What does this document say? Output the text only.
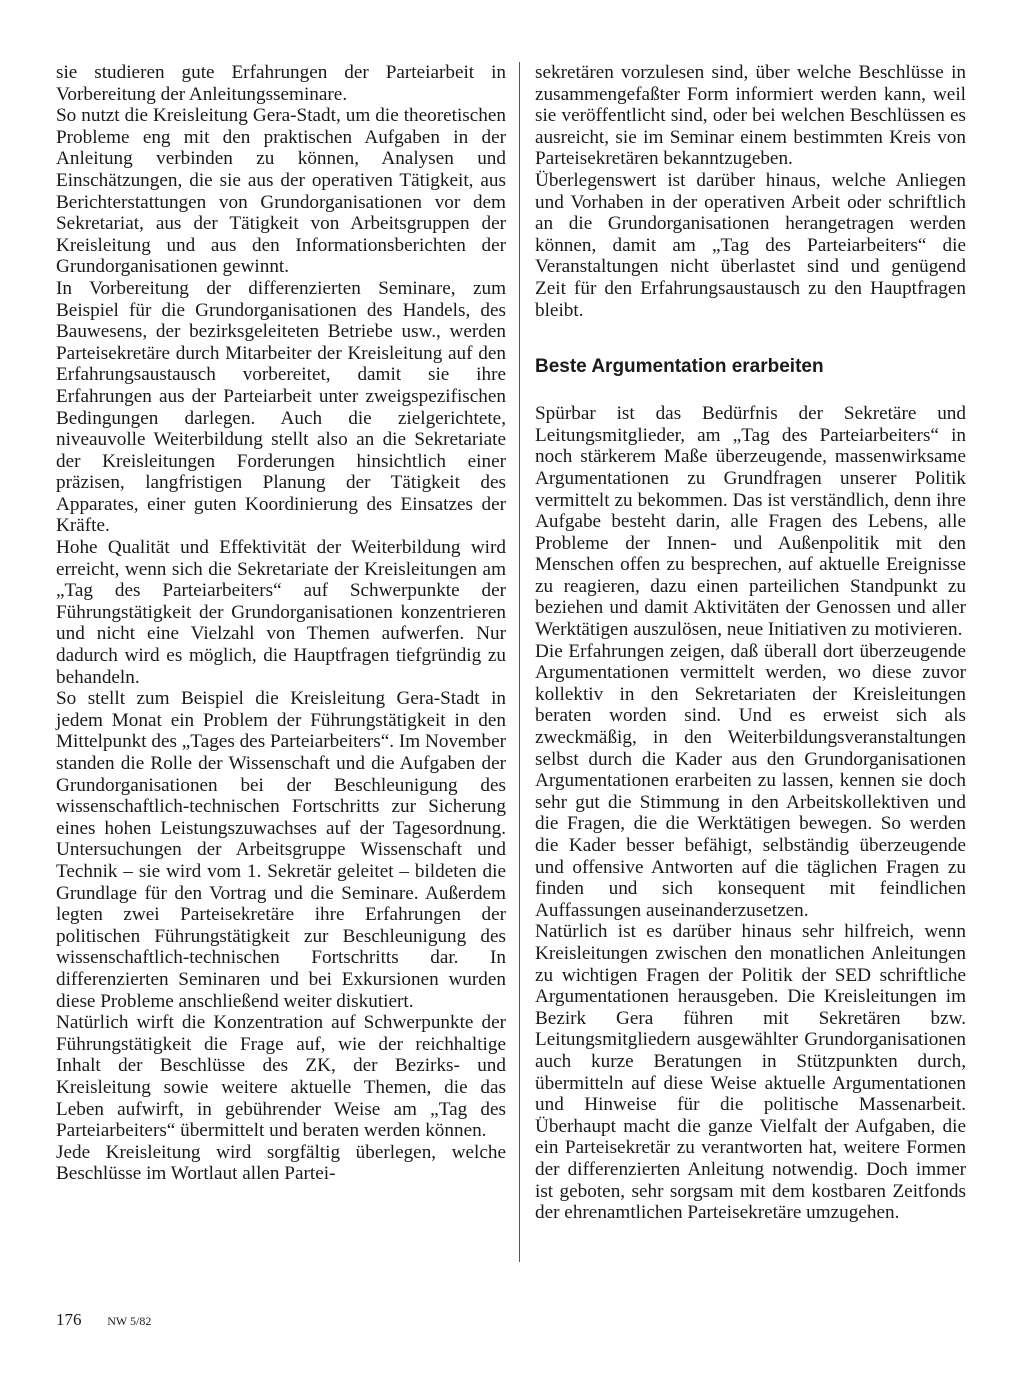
sie studieren gute Erfahrungen der Parteiarbeit in Vorbereitung der Anleitungsseminare.

So nutzt die Kreisleitung Gera-Stadt, um die theoretischen Probleme eng mit den praktischen Aufgaben in der Anleitung verbinden zu können, Analysen und Einschätzungen, die sie aus der operativen Tätigkeit, aus Berichterstattungen von Grundorganisationen vor dem Sekretariat, aus der Tätigkeit von Arbeitsgruppen der Kreisleitung und aus den Informationsberichten der Grundorganisationen gewinnt.

In Vorbereitung der differenzierten Seminare, zum Beispiel für die Grundorganisationen des Handels, des Bauwesens, der bezirksgeleiteten Betriebe usw., werden Parteisekretäre durch Mitarbeiter der Kreisleitung auf den Erfahrungsaustausch vorbereitet, damit sie ihre Erfahrungen aus der Parteiarbeit unter zweigspezifischen Bedingungen darlegen. Auch die zielgerichtete, niveauvolle Weiterbildung stellt also an die Sekretariate der Kreisleitungen Forderungen hinsichtlich einer präzisen, langfristigen Planung der Tätigkeit des Apparates, einer guten Koordinierung des Einsatzes der Kräfte.

Hohe Qualität und Effektivität der Weiterbildung wird erreicht, wenn sich die Sekretariate der Kreisleitungen am „Tag des Parteiarbeiters“ auf Schwerpunkte der Führungstätigkeit der Grundorganisationen konzentrieren und nicht eine Vielzahl von Themen aufwerfen. Nur dadurch wird es möglich, die Hauptfragen tiefgründig zu behandeln.

So stellt zum Beispiel die Kreisleitung Gera-Stadt in jedem Monat ein Problem der Führungstätigkeit in den Mittelpunkt des „Tages des Parteiarbeiters“. Im November standen die Rolle der Wissenschaft und die Aufgaben der Grundorganisationen bei der Beschleunigung des wissenschaftlich-technischen Fortschritts zur Sicherung eines hohen Leistungszuwachses auf der Tagesordnung. Untersuchungen der Arbeitsgruppe Wissenschaft und Technik – sie wird vom 1. Sekretär geleitet – bildeten die Grundlage für den Vortrag und die Seminare. Außerdem legten zwei Parteisekretäre ihre Erfahrungen der politischen Führungstätigkeit zur Beschleunigung des wissenschaftlich-technischen Fortschritts dar. In differenzierten Seminaren und bei Exkursionen wurden diese Probleme anschließend weiter diskutiert.

Natürlich wirft die Konzentration auf Schwerpunkte der Führungstätigkeit die Frage auf, wie der reichhaltige Inhalt der Beschlüsse des ZK, der Bezirks- und Kreisleitung sowie weitere aktuelle Themen, die das Leben aufwirft, in gebührender Weise am „Tag des Parteiarbeiters“ übermittelt und beraten werden können.

Jede Kreisleitung wird sorgfältig überlegen, welche Beschlüsse im Wortlaut allen Partei-

sekretären vorzulesen sind, über welche Beschlüsse in zusammengefaßter Form informiert werden kann, weil sie veröffentlicht sind, oder bei welchen Beschlüssen es ausreicht, sie im Seminar einem bestimmten Kreis von Parteisekretären bekanntzugeben.

Überlegenswert ist darüber hinaus, welche Anliegen und Vorhaben in der operativen Arbeit oder schriftlich an die Grundorganisationen herangetragen werden können, damit am „Tag des Parteiarbeiters“ die Veranstaltungen nicht überlastet sind und genügend Zeit für den Erfahrungsaustausch zu den Hauptfragen bleibt.

Beste Argumentation erarbeiten

Spürbar ist das Bedürfnis der Sekretäre und Leitungsmitglieder, am „Tag des Parteiarbeiters“ in noch stärkerem Maße überzeugende, massenwirksame Argumentationen zu Grundfragen unserer Politik vermittelt zu bekommen. Das ist verständlich, denn ihre Aufgabe besteht darin, alle Fragen des Lebens, alle Probleme der Innen- und Außenpolitik mit den Menschen offen zu besprechen, auf aktuelle Ereignisse zu reagieren, dazu einen parteilichen Standpunkt zu beziehen und damit Aktivitäten der Genossen und aller Werktätigen auszulösen, neue Initiativen zu motivieren.

Die Erfahrungen zeigen, daß überall dort überzeugende Argumentationen vermittelt werden, wo diese zuvor kollektiv in den Sekretariaten der Kreisleitungen beraten worden sind. Und es erweist sich als zweckmäßig, in den Weiterbildungsveranstaltungen selbst durch die Kader aus den Grundorganisationen Argumentationen erarbeiten zu lassen, kennen sie doch sehr gut die Stimmung in den Arbeitskollektiven und die Fragen, die die Werktätigen bewegen. So werden die Kader besser befähigt, selbständig überzeugende und offensive Antworten auf die täglichen Fragen zu finden und sich konsequent mit feindlichen Auffassungen auseinanderzusetzen.

Natürlich ist es darüber hinaus sehr hilfreich, wenn Kreisleitungen zwischen den monatlichen Anleitungen zu wichtigen Fragen der Politik der SED schriftliche Argumentationen herausgeben. Die Kreisleitungen im Bezirk Gera führen mit Sekretären bzw. Leitungsmitgliedern ausgewählter Grundorganisationen auch kurze Beratungen in Stützpunkten durch, übermitteln auf diese Weise aktuelle Argumentationen und Hinweise für die politische Massenarbeit. Überhaupt macht die ganze Vielfalt der Aufgaben, die ein Parteisekretär zu verantworten hat, weitere Formen der differenzierten Anleitung notwendig. Doch immer ist geboten, sehr sorgsam mit dem kostbaren Zeitfonds der ehrenamtlichen Parteisekretäre umzugehen.

176 NW 5/82
